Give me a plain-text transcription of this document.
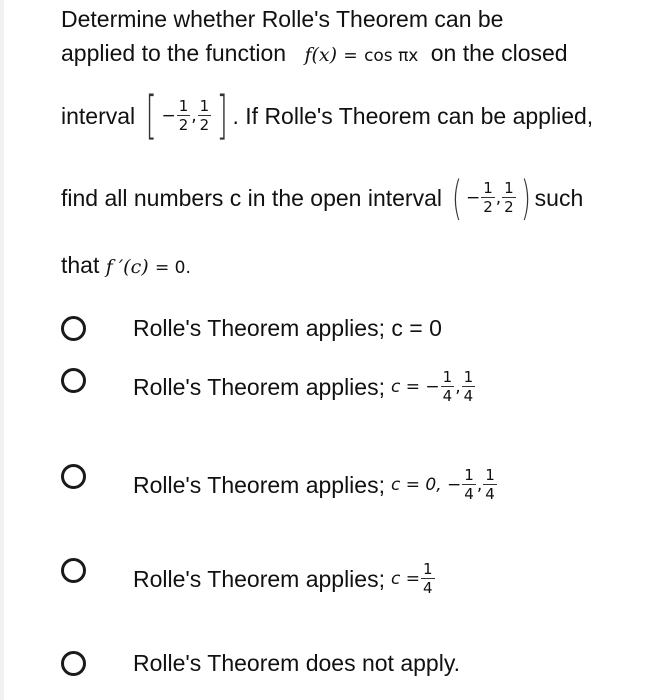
Determine whether Rolle's Theorem can be
applied to the function f(x) = cos πx on the closed
interval [ − $\frac{1}{2}$ , $\frac{1}{2}$ ] . If Rolle's Theorem can be applied,
find all numbers c in the open interval ( − $\frac{1}{2}$ , $\frac{1}{2}$ ) such
that f ′(c) = 0.
Rolle's Theorem applies; c = 0
Rolle's Theorem applies; c = − $\frac{1}{4}$ , $\frac{1}{4}$
Rolle's Theorem applies; c = 0, − $\frac{1}{4}$ , $\frac{1}{4}$
Rolle's Theorem applies; $c = \frac{1}{4}$
Rolle's Theorem does not apply.
